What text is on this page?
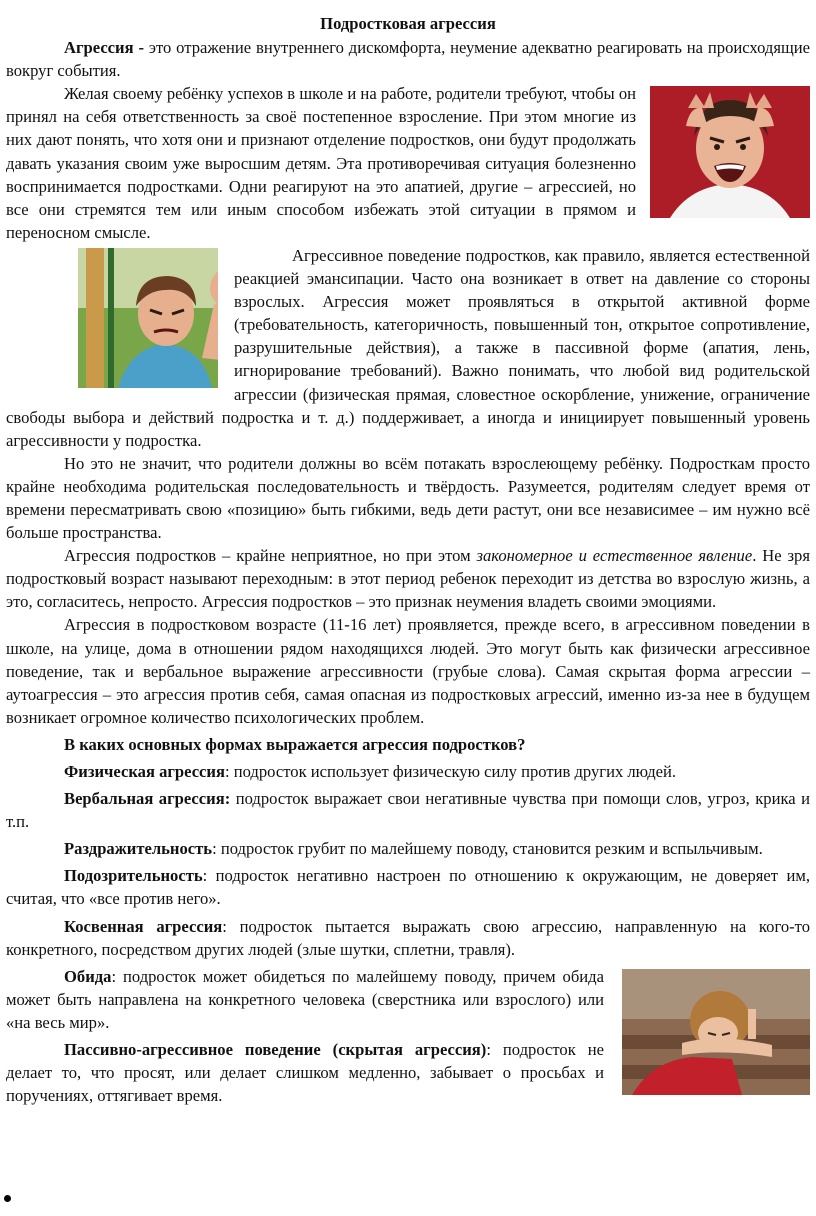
Подростковая агрессия

Агрессия - это отражение внутреннего дискомфорта, неумение адекватно реагировать на происходящие вокруг события.

Желая своему ребёнку успехов в школе и на работе, родители требуют, чтобы он принял на себя ответственность за своё постепенное взросление. При этом многие из них дают понять, что хотя они и признают отделение подростков, они будут продолжать давать указания своим уже выросшим детям. Эта противоречивая ситуация болезненно воспринимается подростками. Одни реагируют на это апатией, другие – агрессией, но все они стремятся тем или иным способом избежать этой ситуации в прямом и переносном смысле.

Агрессивное поведение подростков, как правило, является естественной реакцией эмансипации. Часто она возникает в ответ на давление со стороны взрослых. Агрессия может проявляться в открытой активной форме (требовательность, категоричность, повышенный тон, открытое сопротивление, разрушительные действия), а также в пассивной форме (апатия, лень, игнорирование требований). Важно понимать, что любой вид родительской агрессии (физическая прямая, словестное оскорбление, унижение, ограничение свободы выбора и действий подростка и т. д.) поддерживает, а иногда и инициирует повышенный уровень агрессивности у подростка.

Но это не значит, что родители должны во всём потакать взрослеющему ребёнку. Подросткам просто крайне необходима родительская последовательность и твёрдость. Разумеется, родителям следует время от времени пересматривать свою «позицию» быть гибкими, ведь дети растут, они все независимее – им нужно всё больше пространства.

Агрессия подростков – крайне неприятное, но при этом закономерное и естественное явление. Не зря подростковый возраст называют переходным: в этот период ребенок переходит из детства во взрослую жизнь, а это, согласитесь, непросто. Агрессия подростков – это признак неумения владеть своими эмоциями.

Агрессия в подростковом возрасте (11-16 лет) проявляется, прежде всего, в агрессивном поведении в школе, на улице, дома в отношении рядом находящихся людей. Это могут быть как физически агрессивное поведение, так и вербальное выражение агрессивности (грубые слова). Самая скрытая форма агрессии – аутоагрессия – это агрессия против себя, самая опасная из подростковых агрессий, именно из-за нее в будущем возникает огромное количество психологических проблем.

В каких основных формах выражается агрессия подростков?

Физическая агрессия: подросток использует физическую силу против других людей.

Вербальная агрессия: подросток выражает свои негативные чувства при помощи слов, угроз, крика и т.п.

Раздражительность: подросток грубит по малейшему поводу, становится резким и вспыльчивым.

Подозрительность: подросток негативно настроен по отношению к окружающим, не доверяет им, считая, что «все против него».

Косвенная агрессия: подросток пытается выражать свою агрессию, направленную на кого-то конкретного, посредством других людей (злые шутки, сплетни, травля).

Обида: подросток может обидеться по малейшему поводу, причем обида может быть направлена на конкретного человека (сверстника или взрослого) или «на весь мир».

Пассивно-агрессивное поведение (скрытая агрессия): подросток не делает то, что просят, или делает слишком медленно, забывает о просьбах и поручениях, оттягивает время.
